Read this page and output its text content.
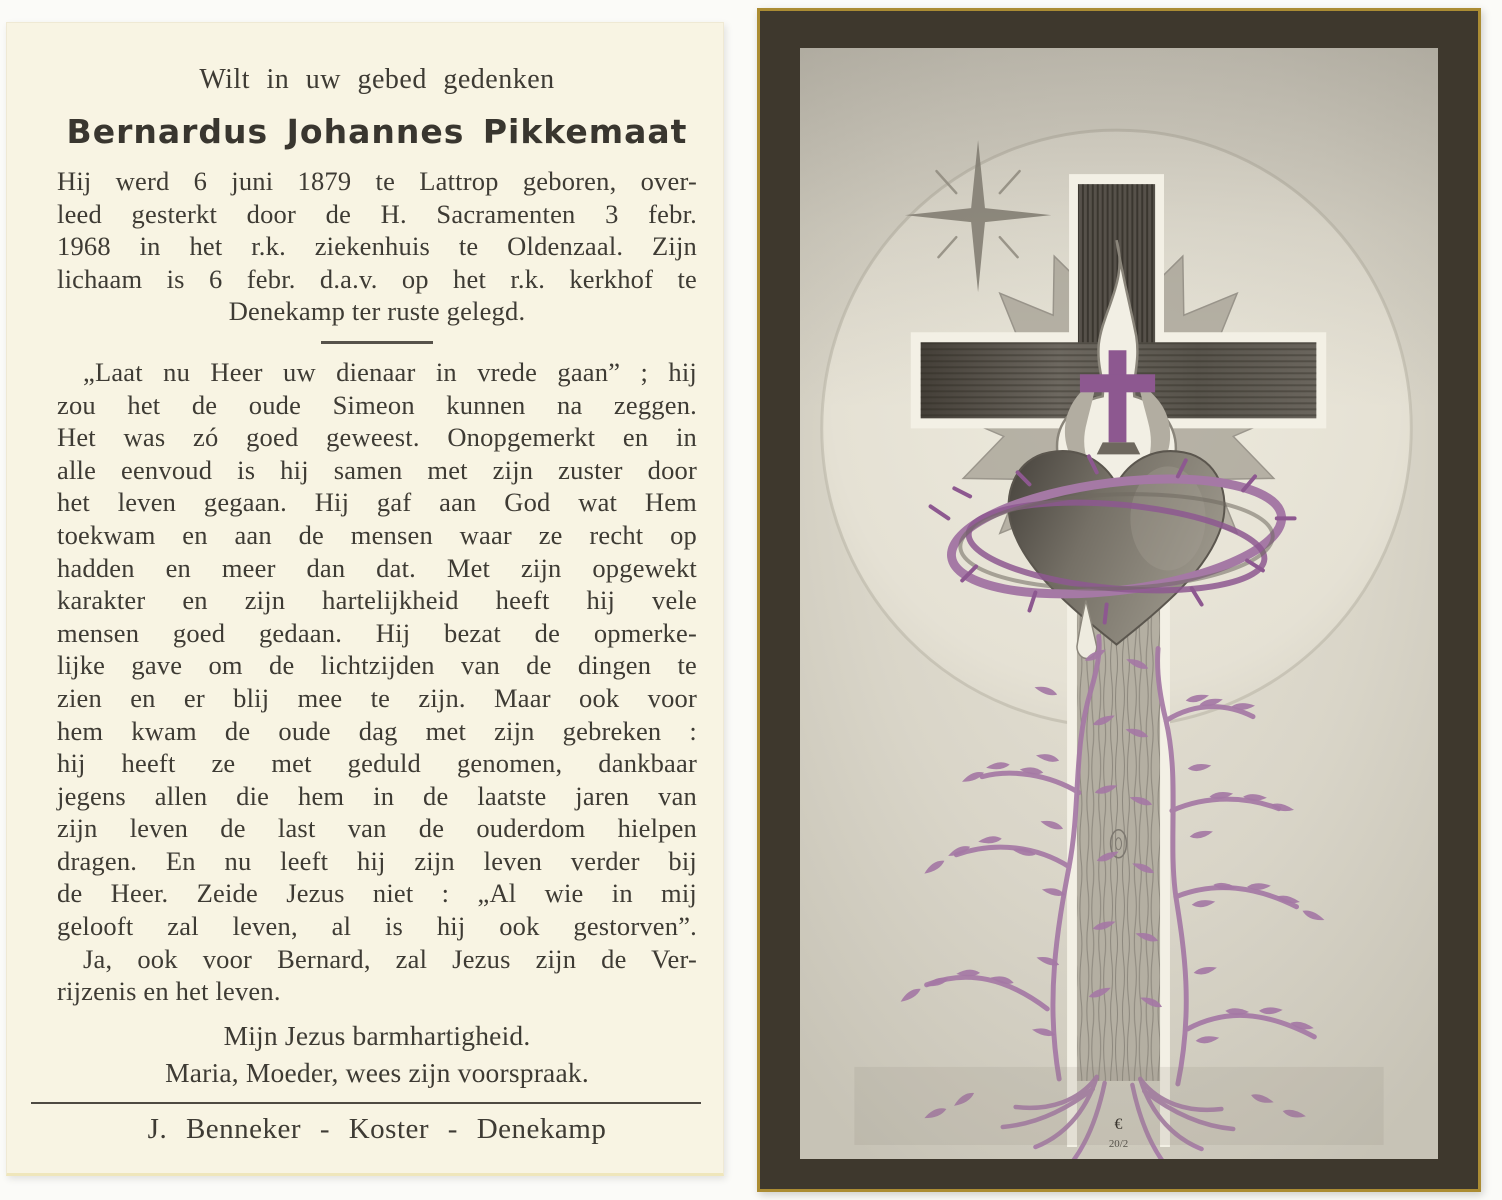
Wilt in uw gebed gedenken
Bernardus Johannes Pikkemaat
Hij werd 6 juni 1879 te Lattrop geboren, over-
leed gesterkt door de H. Sacramenten 3 febr.
1968 in het r.k. ziekenhuis te Oldenzaal. Zijn
lichaam is 6 febr. d.a.v. op het r.k. kerkhof te
Denekamp ter ruste gelegd.
„Laat nu Heer uw dienaar in vrede gaan” ; hij
zou het de oude Simeon kunnen na zeggen.
Het was zó goed geweest. Onopgemerkt en in
alle eenvoud is hij samen met zijn zuster door
het leven gegaan. Hij gaf aan God wat Hem
toekwam en aan de mensen waar ze recht op
hadden en meer dan dat. Met zijn opgewekt
karakter en zijn hartelijkheid heeft hij vele
mensen goed gedaan. Hij bezat de opmerke-
lijke gave om de lichtzijden van de dingen te
zien en er blij mee te zijn. Maar ook voor
hem kwam de oude dag met zijn gebreken :
hij heeft ze met geduld genomen, dankbaar
jegens allen die hem in de laatste jaren van
zijn leven de last van de ouderdom hielpen
dragen. En nu leeft hij zijn leven verder bij
de Heer. Zeide Jezus niet : „Al wie in mij
gelooft zal leven, al is hij ook gestorven”.
Ja, ook voor Bernard, zal Jezus zijn de Ver-
rijzenis en het leven.
Mijn Jezus barmhartigheid.
Maria, Moeder, wees zijn voorspraak.
J. Benneker - Koster - Denekamp	€
20/2
